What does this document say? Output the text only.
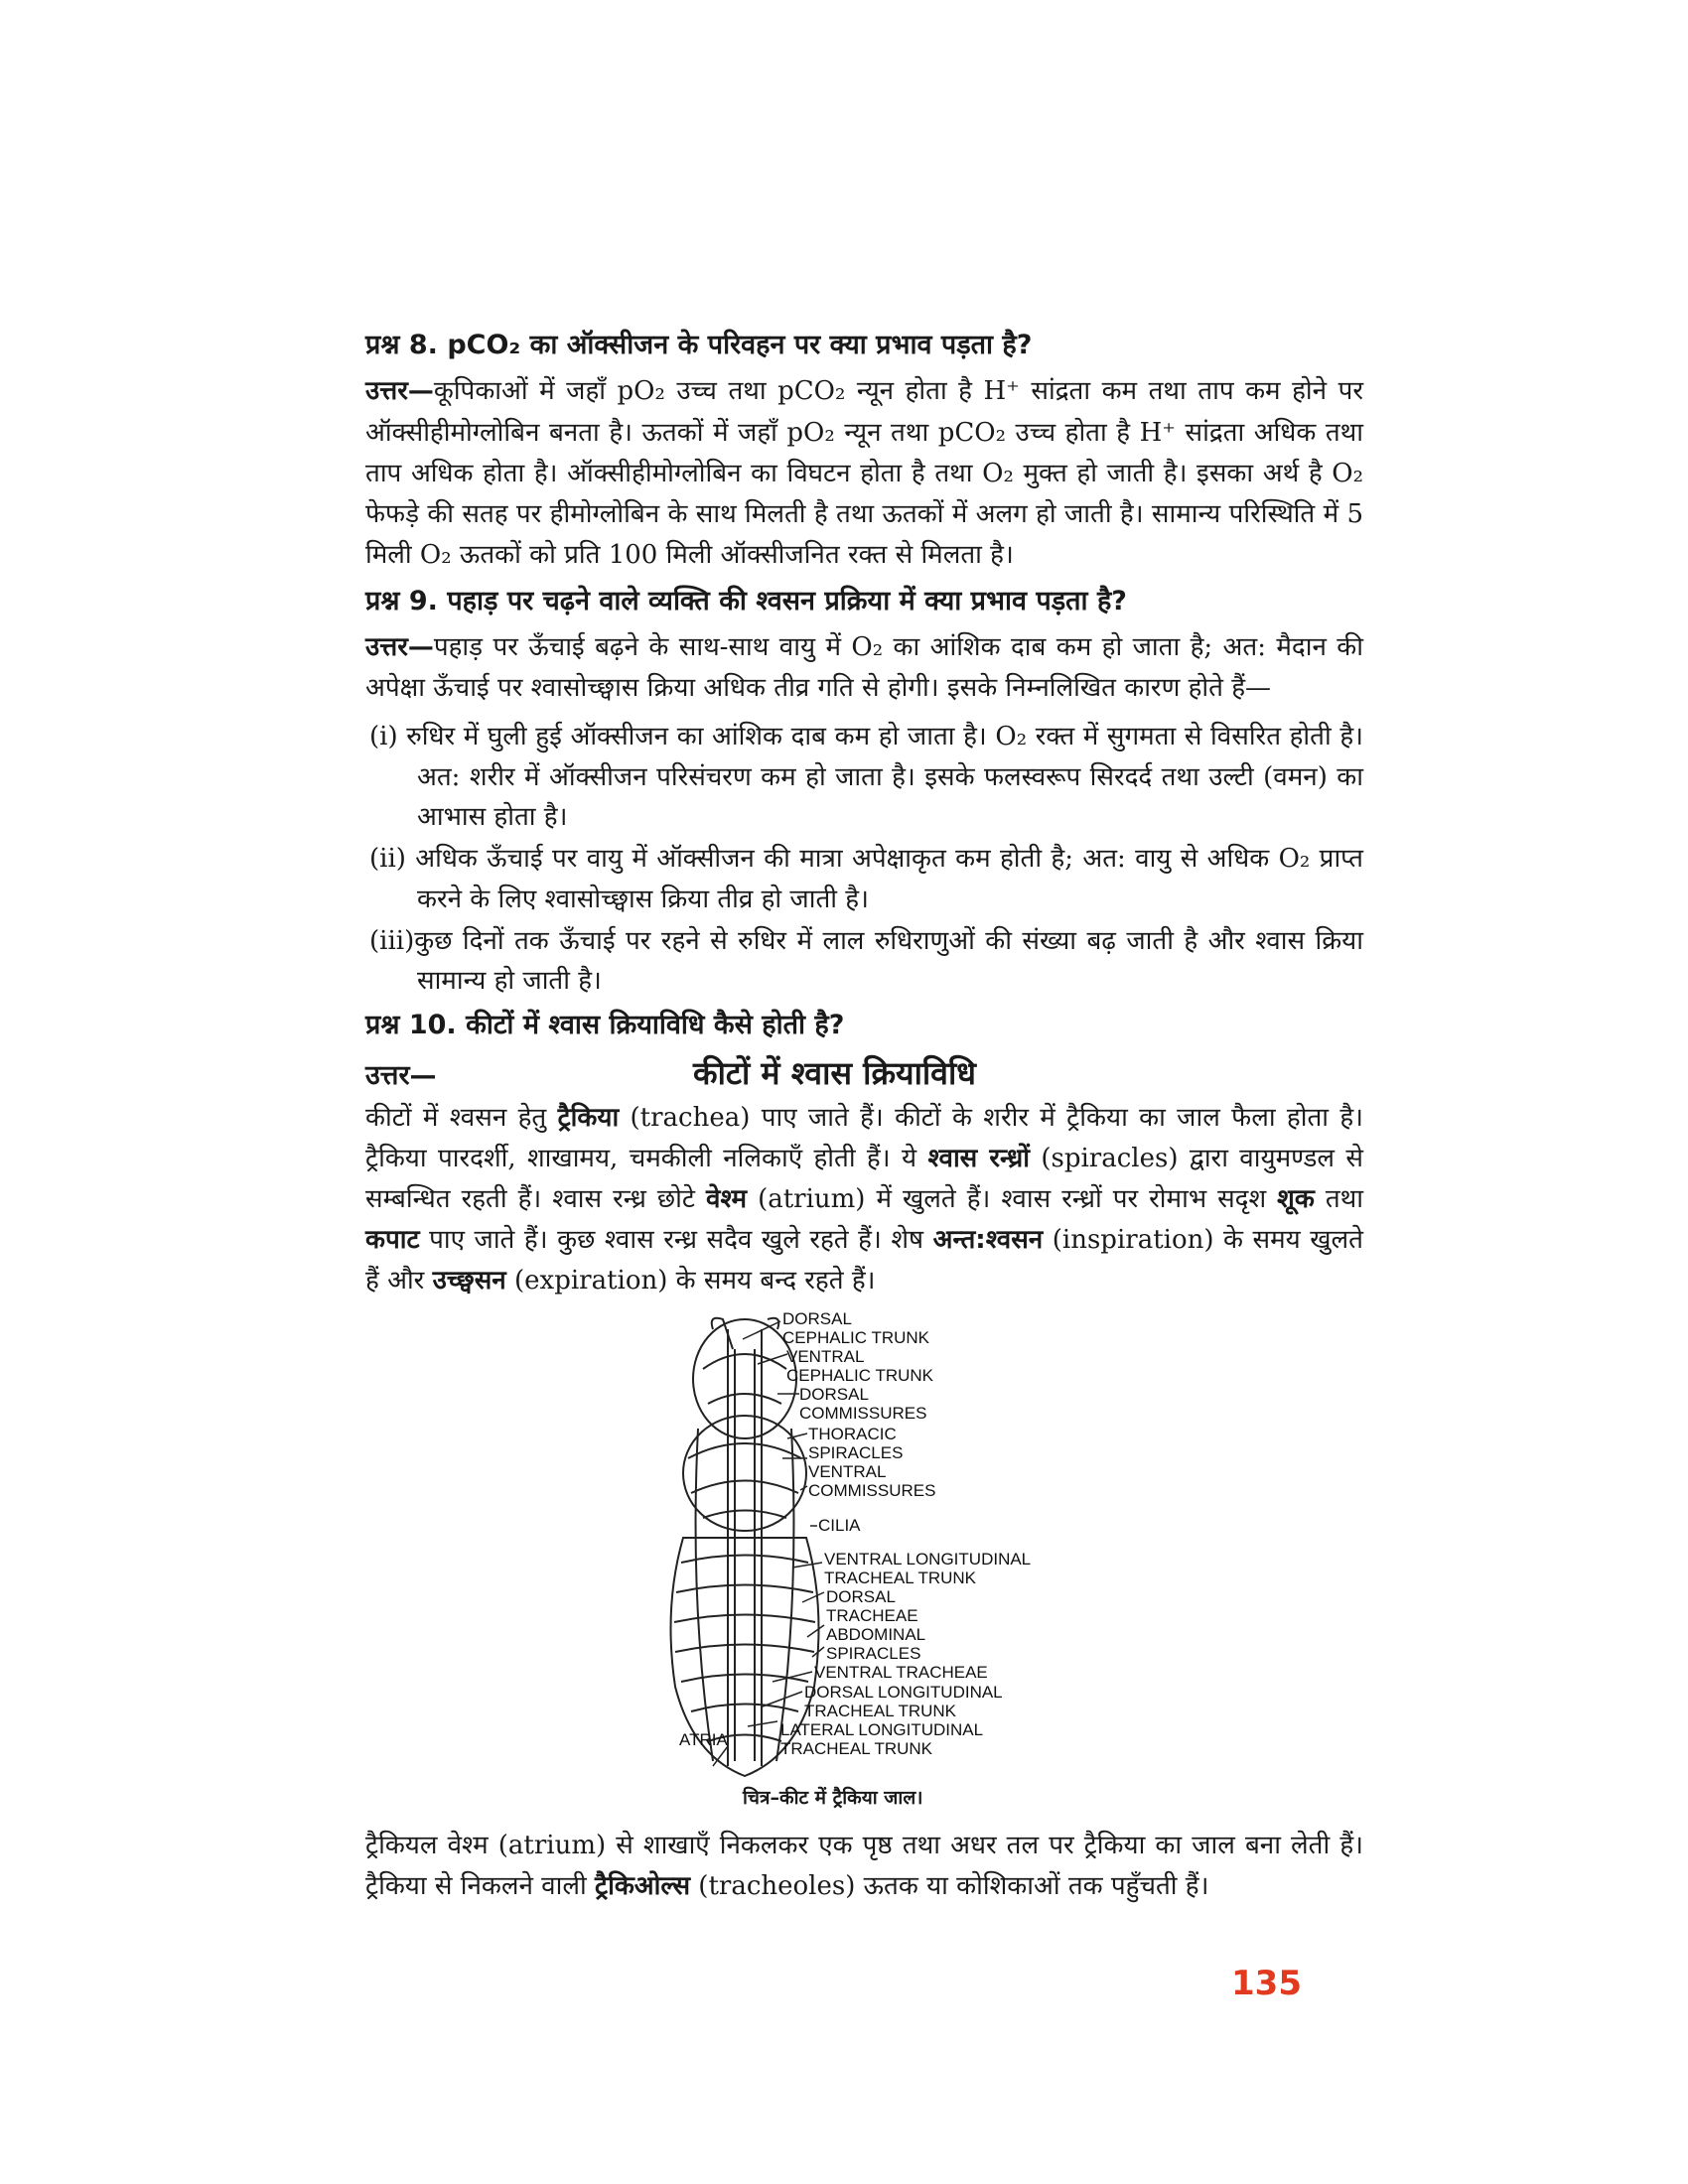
प्रश्न 8. pCO₂ का ऑक्सीजन के परिवहन पर क्या प्रभाव पड़ता है?

उत्तर—कूपिकाओं में जहाँ pO₂ उच्च तथा pCO₂ न्यून होता है H⁺ सांद्रता कम तथा ताप कम होने पर ऑक्सीहीमोग्लोबिन बनता है। ऊतकों में जहाँ pO₂ न्यून तथा pCO₂ उच्च होता है H⁺ सांद्रता अधिक तथा ताप अधिक होता है। ऑक्सीहीमोग्लोबिन का विघटन होता है तथा O₂ मुक्त हो जाती है। इसका अर्थ है O₂ फेफड़े की सतह पर हीमोग्लोबिन के साथ मिलती है तथा ऊतकों में अलग हो जाती है। सामान्य परिस्थिति में 5 मिली O₂ ऊतकों को प्रति 100 मिली ऑक्सीजनित रक्त से मिलता है।

प्रश्न 9. पहाड़ पर चढ़ने वाले व्यक्ति की श्वसन प्रक्रिया में क्या प्रभाव पड़ता है?

उत्तर—पहाड़ पर ऊँचाई बढ़ने के साथ-साथ वायु में O₂ का आंशिक दाब कम हो जाता है; अत: मैदान की अपेक्षा ऊँचाई पर श्वासोच्छ्वास क्रिया अधिक तीव्र गति से होगी। इसके निम्नलिखित कारण होते हैं—

(i) रुधिर में घुली हुई ऑक्सीजन का आंशिक दाब कम हो जाता है। O₂ रक्त में सुगमता से विसरित होती है। अत: शरीर में ऑक्सीजन परिसंचरण कम हो जाता है। इसके फलस्वरूप सिरदर्द तथा उल्टी (वमन) का आभास होता है।
(ii) अधिक ऊँचाई पर वायु में ऑक्सीजन की मात्रा अपेक्षाकृत कम होती है; अत: वायु से अधिक O₂ प्राप्त करने के लिए श्वासोच्छ्वास क्रिया तीव्र हो जाती है।
(iii)कुछ दिनों तक ऊँचाई पर रहने से रुधिर में लाल रुधिराणुओं की संख्या बढ़ जाती है और श्वास क्रिया सामान्य हो जाती है।

प्रश्न 10. कीटों में श्वास क्रियाविधि कैसे होती है?

उत्तर—	कीटों में श्वास क्रियाविधि

कीटों में श्वसन हेतु ट्रैकिया (trachea) पाए जाते हैं। कीटों के शरीर में ट्रैकिया का जाल फैला होता है। ट्रैकिया पारदर्शी, शाखामय, चमकीली नलिकाएँ होती हैं। ये श्वास रन्ध्रों (spiracles) द्वारा वायुमण्डल से सम्बन्धित रहती हैं। श्वास रन्ध्र छोटे वेश्म (atrium) में खुलते हैं। श्वास रन्ध्रों पर रोमाभ सदृश शूक तथा कपाट पाए जाते हैं। कुछ श्वास रन्ध्र सदैव खुले रहते हैं। शेष अन्त:श्वसन (inspiration) के समय खुलते हैं और उच्छ्वसन (expiration) के समय बन्द रहते हैं।

DORSAL
CEPHALIC TRUNK
VENTRAL
CEPHALIC TRUNK
DORSAL
COMMISSURES
THORACIC
SPIRACLES
VENTRAL
COMMISSURES
CILIA
VENTRAL LONGITUDINAL
TRACHEAL TRUNK
DORSAL
TRACHEAE
ABDOMINAL
SPIRACLES
VENTRAL TRACHEAE
DORSAL LONGITUDINAL
TRACHEAL TRUNK
LATERAL LONGITUDINAL
TRACHEAL TRUNK
ATRIA
चित्र–कीट में ट्रैकिया जाल।

ट्रैकियल वेश्म (atrium) से शाखाएँ निकलकर एक पृष्ठ तथा अधर तल पर ट्रैकिया का जाल बना लेती हैं। ट्रैकिया से निकलने वाली ट्रैकिओल्स (tracheoles) ऊतक या कोशिकाओं तक पहुँचती हैं।

135
